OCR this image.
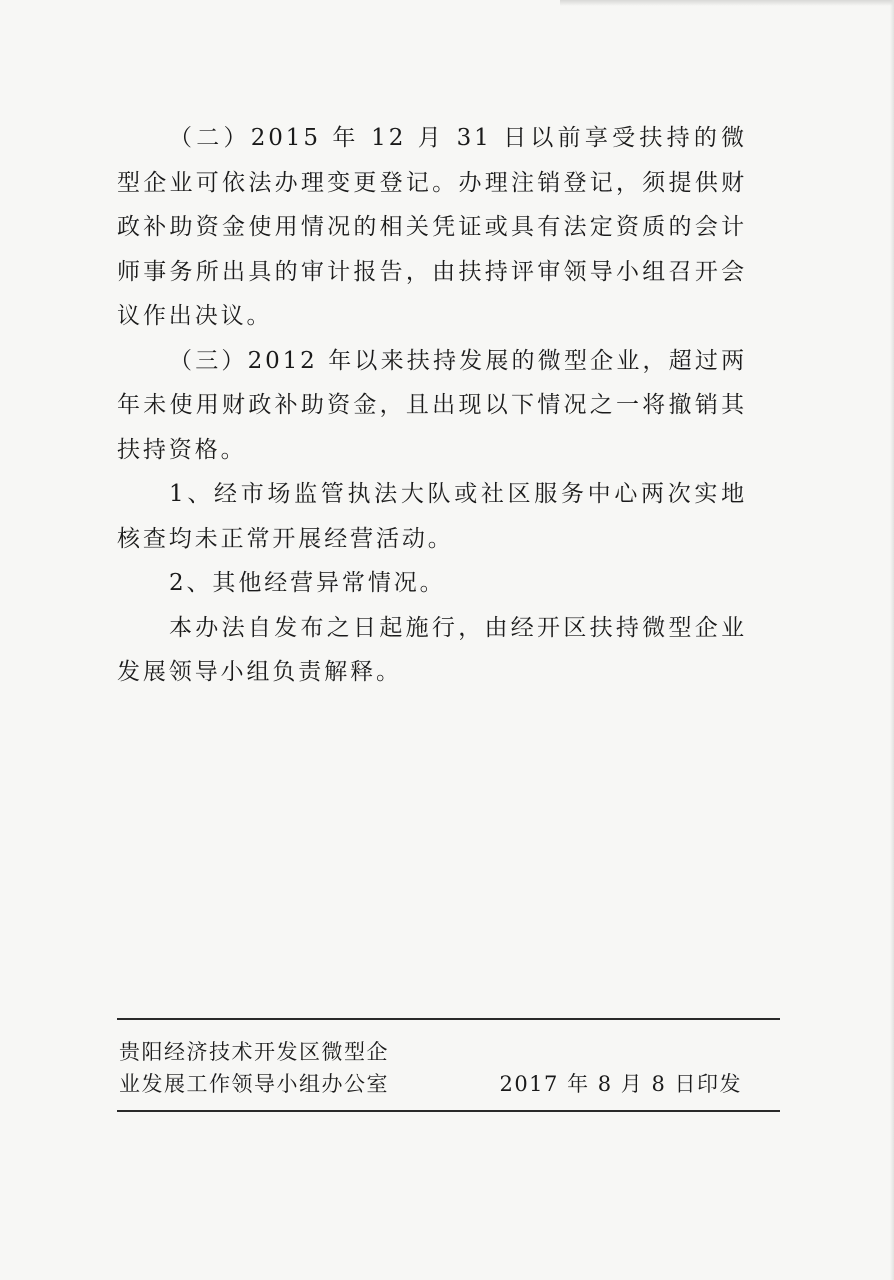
（二）2015 年 12 月 31 日以前享受扶持的微型企业可依法办理变更登记。办理注销登记，须提供财政补助资金使用情况的相关凭证或具有法定资质的会计师事务所出具的审计报告，由扶持评审领导小组召开会议作出决议。

（三）2012 年以来扶持发展的微型企业，超过两年未使用财政补助资金，且出现以下情况之一将撤销其扶持资格。

1、经市场监管执法大队或社区服务中心两次实地核查均未正常开展经营活动。

2、其他经营异常情况。

本办法自发布之日起施行，由经开区扶持微型企业发展领导小组负责解释。

贵阳经济技术开发区微型企
业发展工作领导小组办公室	2017 年 8 月 8 日印发
